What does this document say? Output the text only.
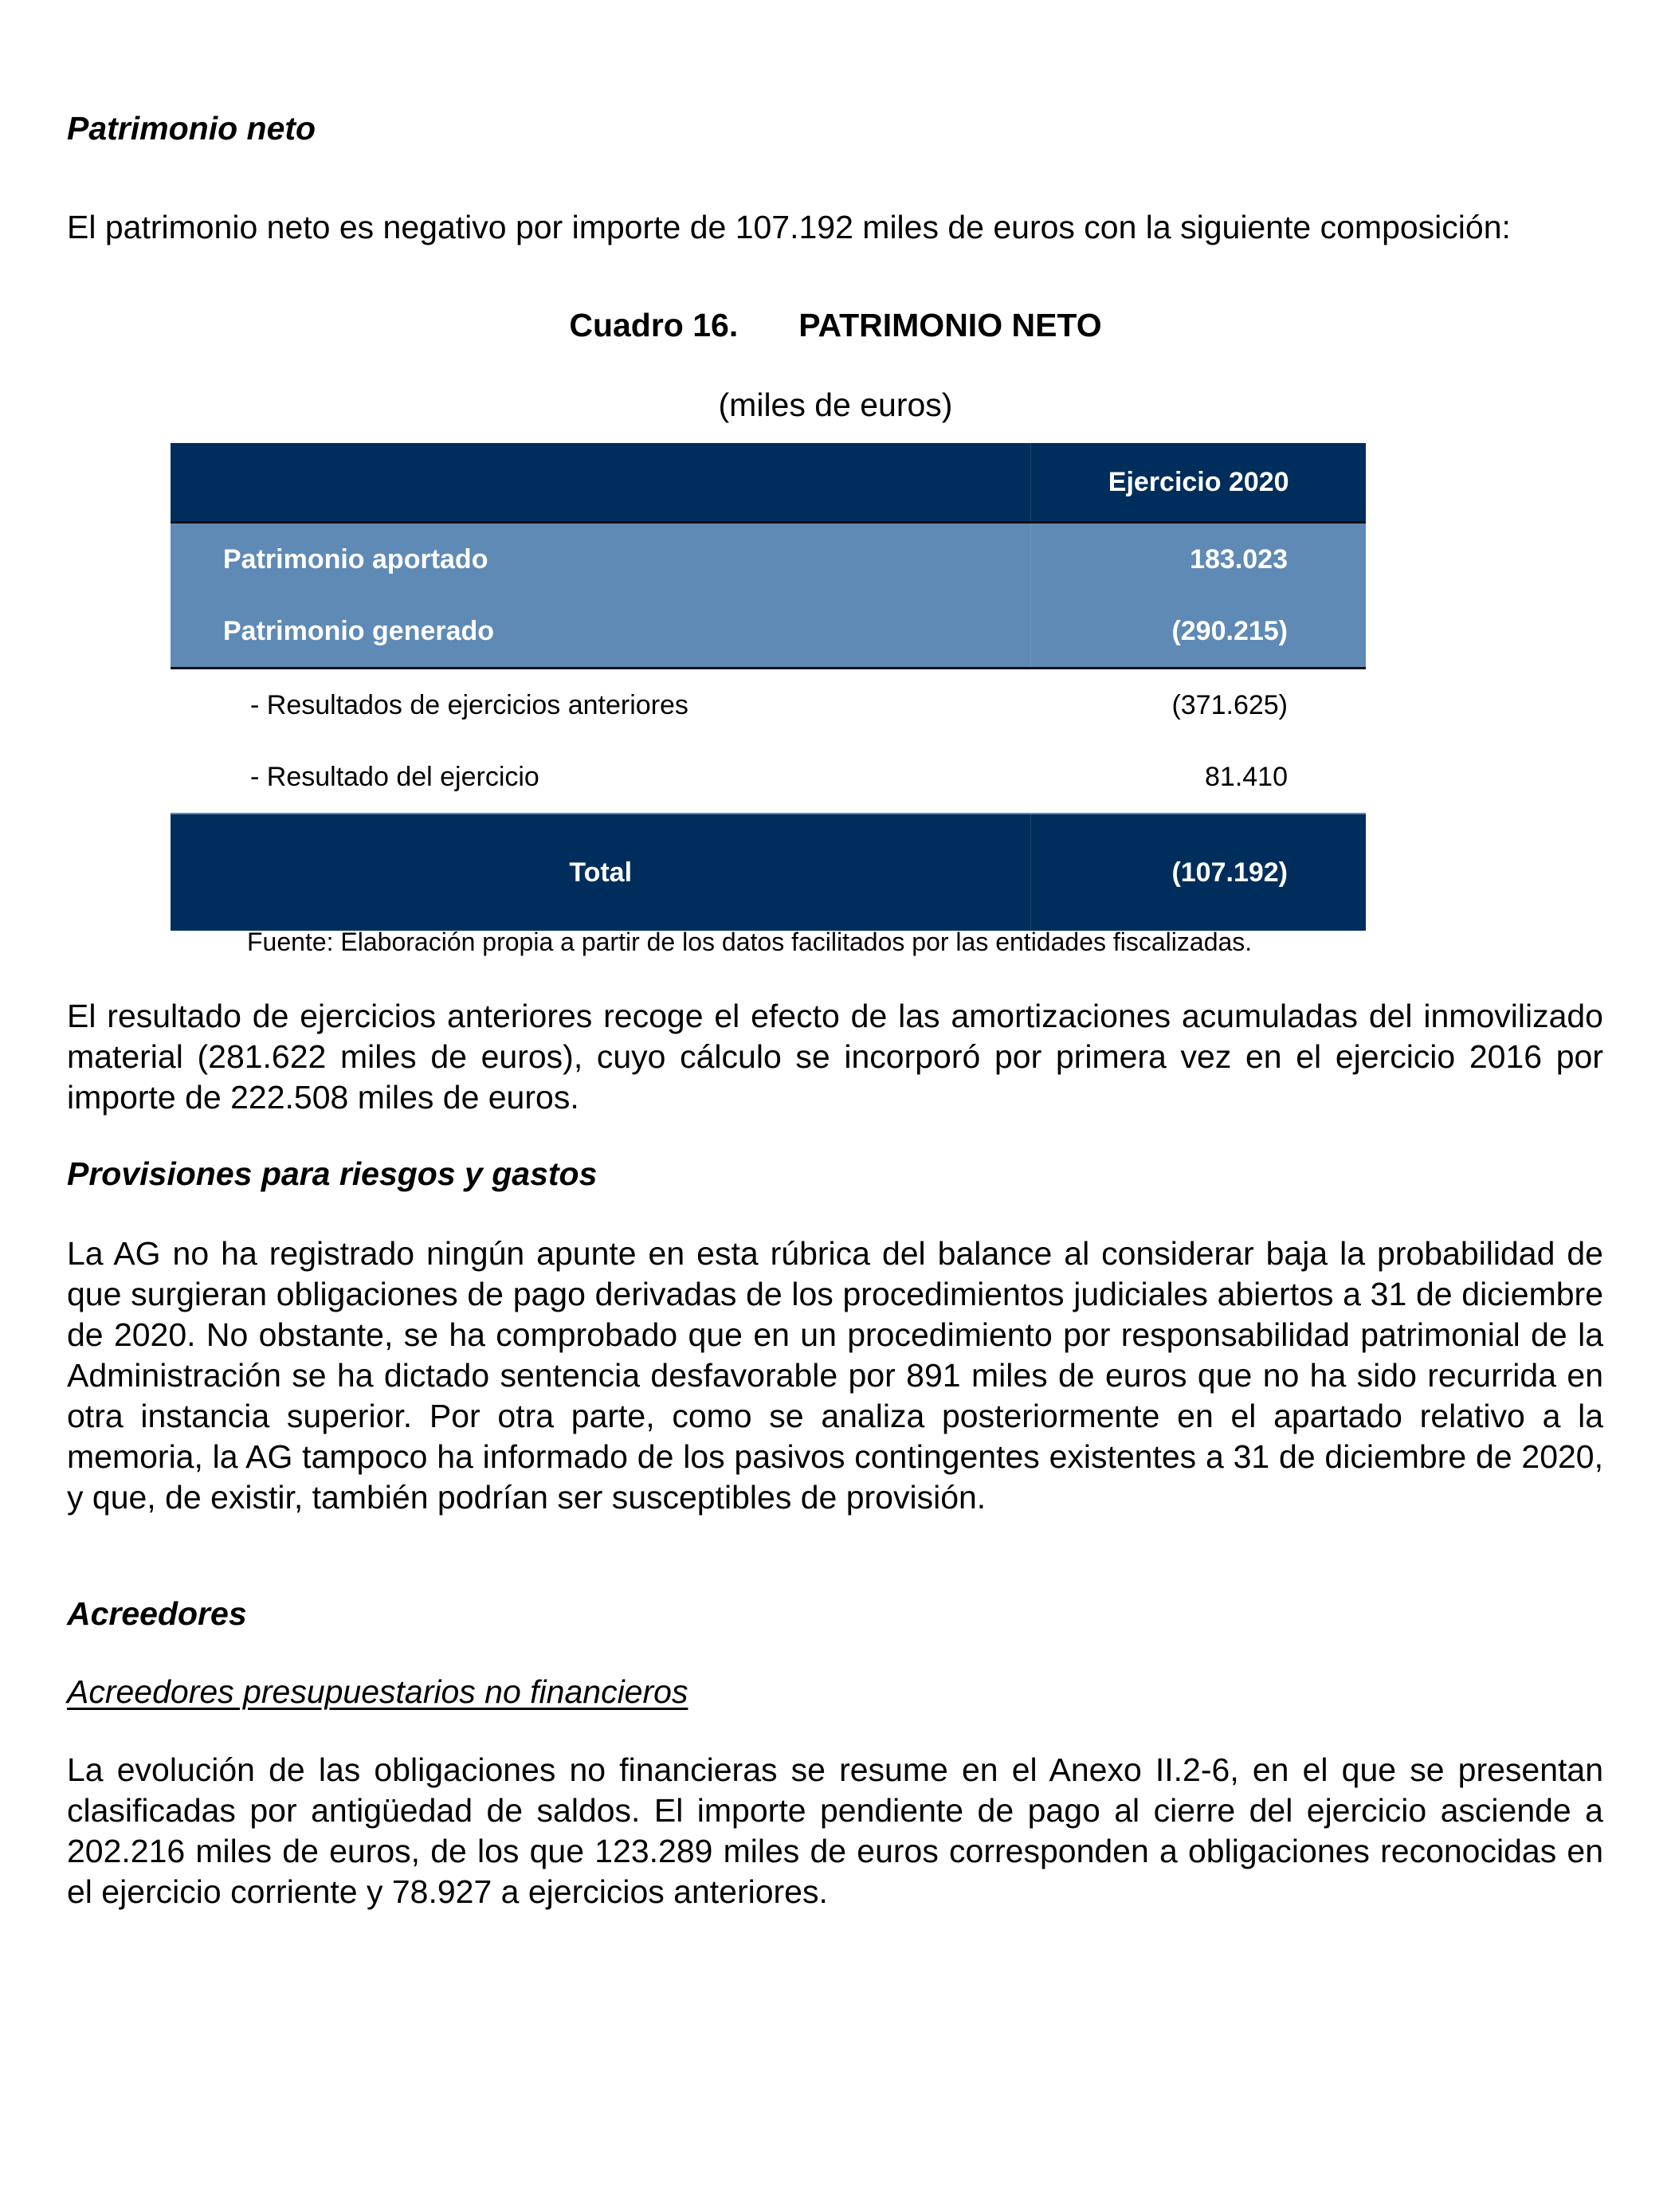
Patrimonio neto

El patrimonio neto es negativo por importe de 107.192 miles de euros con la siguiente composición:

Cuadro 16. PATRIMONIO NETO
(miles de euros)
	Ejercicio 2020
Patrimonio aportado	183.023
Patrimonio generado	(290.215)
- Resultados de ejercicios anteriores	(371.625)
- Resultado del ejercicio	81.410
Total	(107.192)
Fuente: Elaboración propia a partir de los datos facilitados por las entidades fiscalizadas.

El resultado de ejercicios anteriores recoge el efecto de las amortizaciones acumuladas del inmovilizado material (281.622 miles de euros), cuyo cálculo se incorporó por primera vez en el ejercicio 2016 por importe de 222.508 miles de euros.

Provisiones para riesgos y gastos

La AG no ha registrado ningún apunte en esta rúbrica del balance al considerar baja la probabilidad de que surgieran obligaciones de pago derivadas de los procedimientos judiciales abiertos a 31 de diciembre de 2020. No obstante, se ha comprobado que en un procedimiento por responsabilidad patrimonial de la Administración se ha dictado sentencia desfavorable por 891 miles de euros que no ha sido recurrida en otra instancia superior. Por otra parte, como se analiza posteriormente en el apartado relativo a la memoria, la AG tampoco ha informado de los pasivos contingentes existentes a 31 de diciembre de 2020, y que, de existir, también podrían ser susceptibles de provisión.

Acreedores
Acreedores presupuestarios no financieros

La evolución de las obligaciones no financieras se resume en el Anexo II.2-6, en el que se presentan clasificadas por antigüedad de saldos. El importe pendiente de pago al cierre del ejercicio asciende a 202.216 miles de euros, de los que 123.289 miles de euros corresponden a obligaciones reconocidas en el ejercicio corriente y 78.927 a ejercicios anteriores.
